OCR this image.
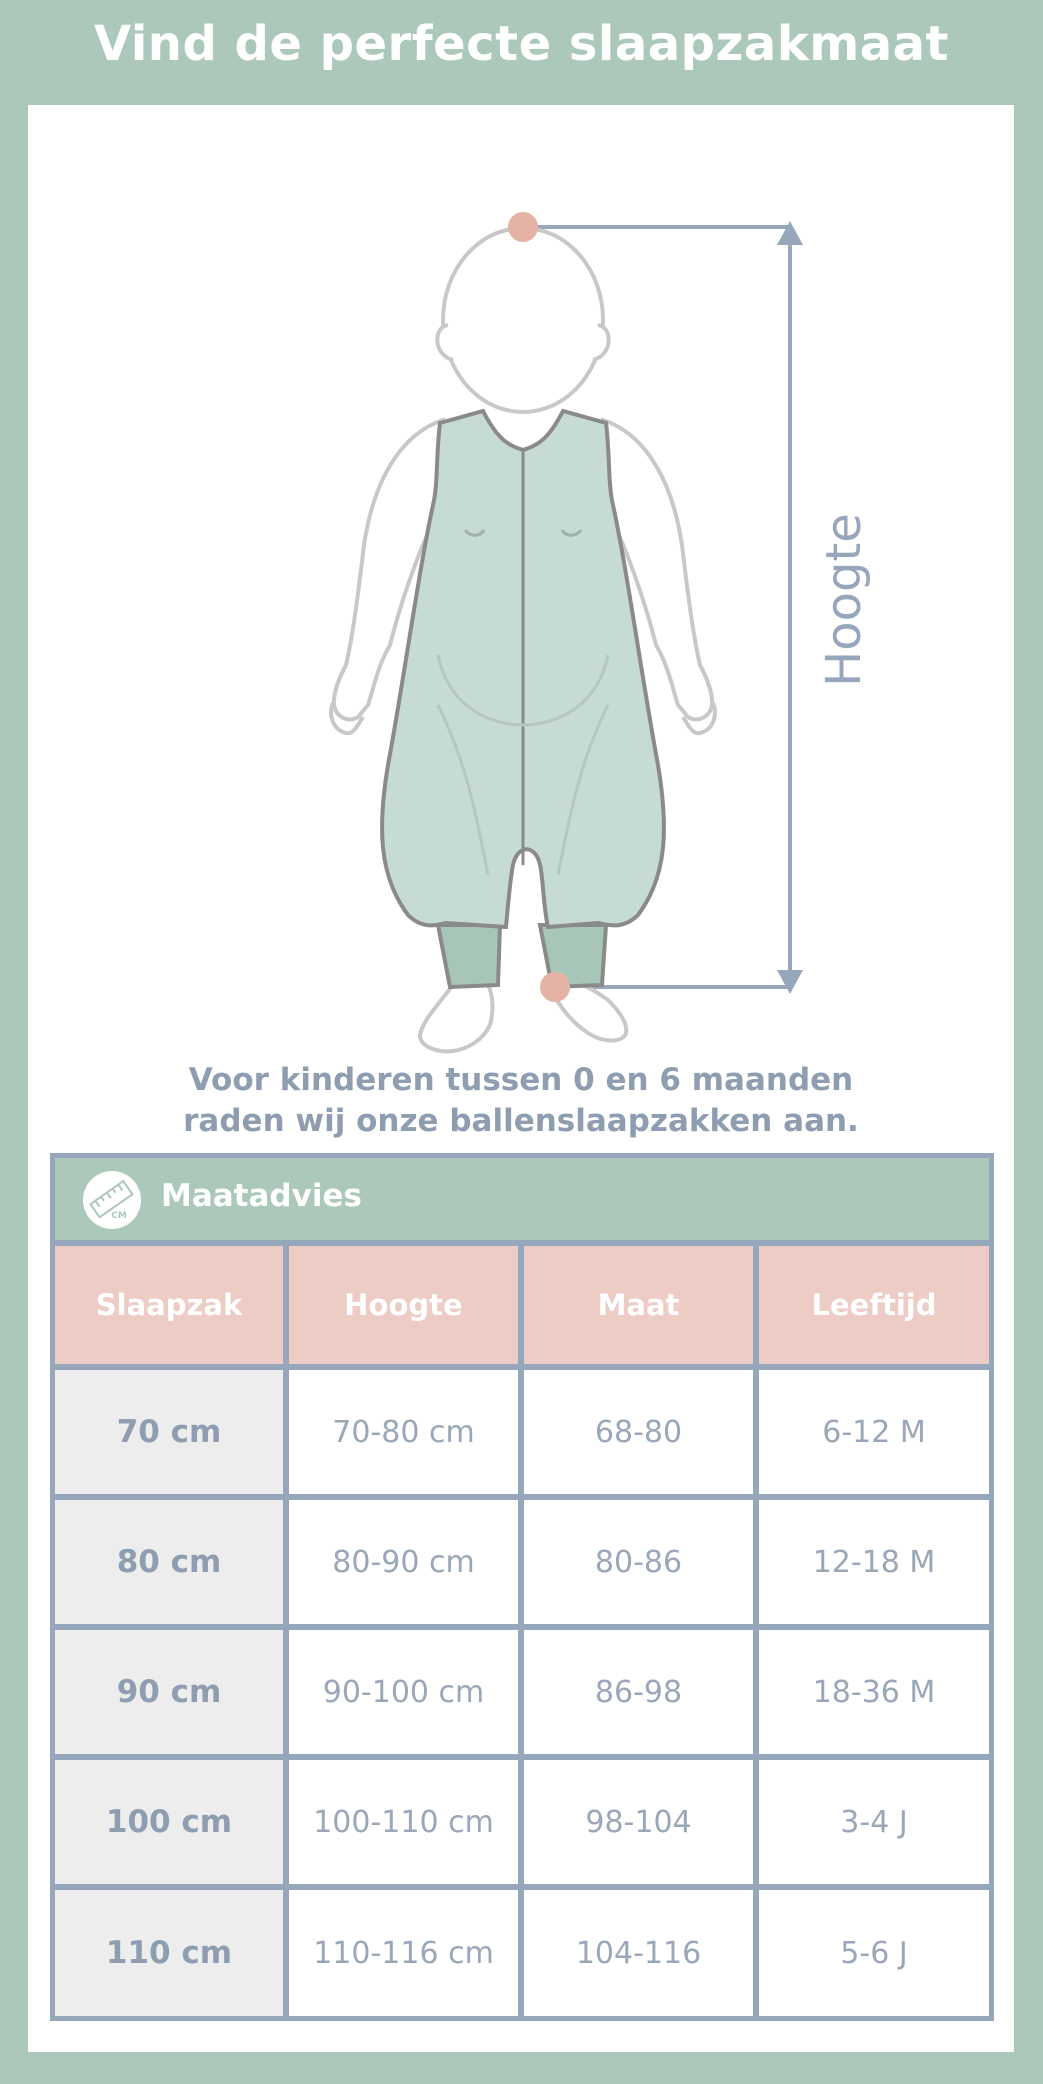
Vind de perfecte slaapzakmaat
Hoogte
Voor kinderen tussen 0 en 6 maanden
raden wij onze ballenslaapzakken aan.
CM
Maatadvies
Slaapzak	Hoogte	Maat	Leeftijd
70 cm	70-80 cm	68-80	6-12 M
80 cm	80-90 cm	80-86	12-18 M
90 cm	90-100 cm	86-98	18-36 M
100 cm	100-110 cm	98-104	3-4 J
110 cm	110-116 cm	104-116	5-6 J
